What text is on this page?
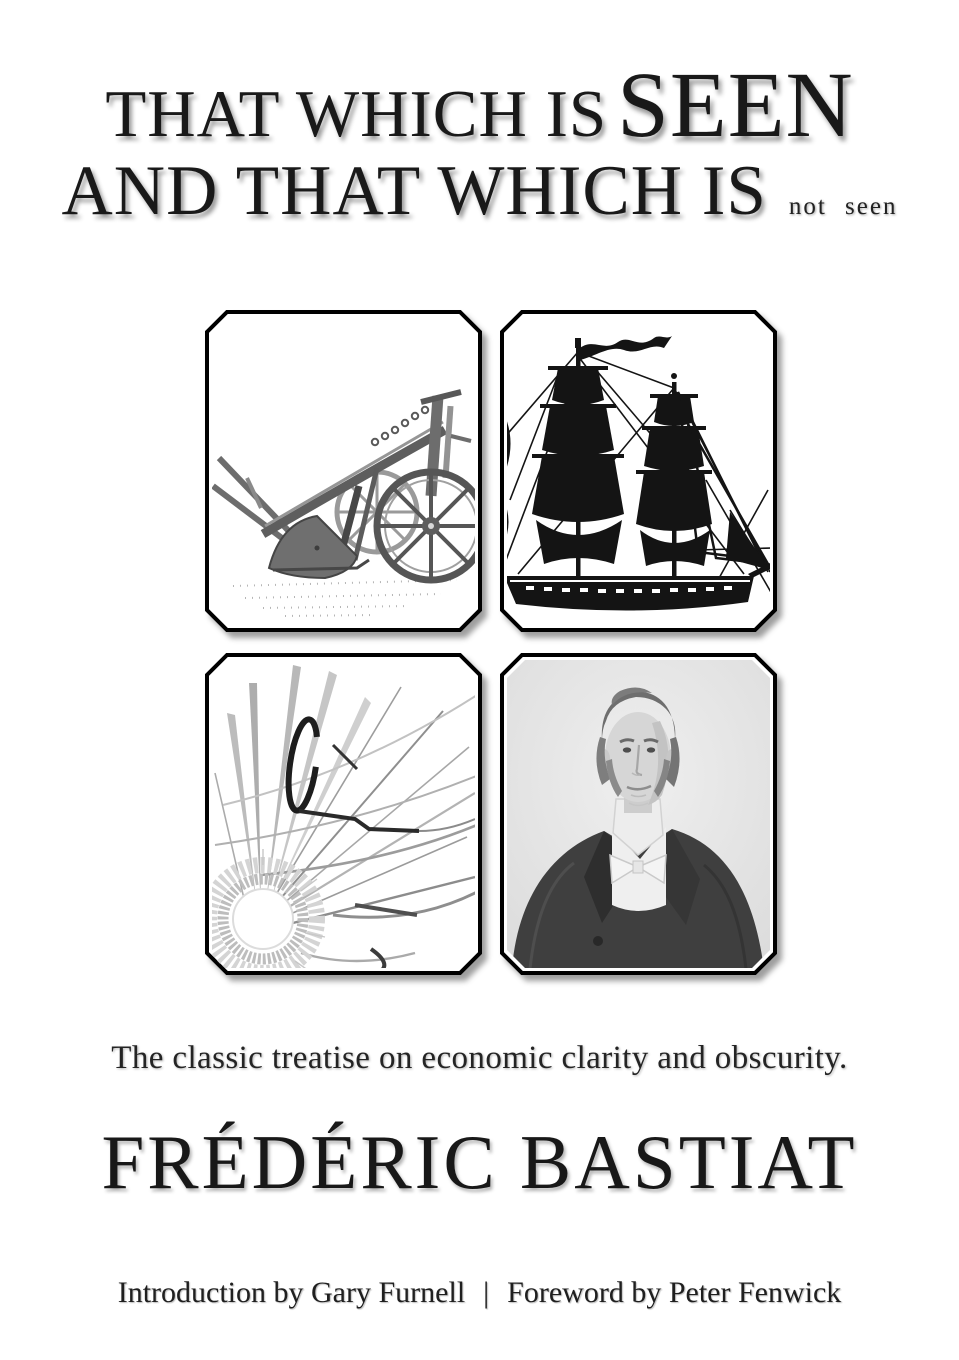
THAT WHICH IS SEEN
AND THAT WHICH IS not seen

The classic treatise on economic clarity and obscurity.

FRÉDÉRIC BASTIAT

Introduction by Gary Furnell | Foreword by Peter Fenwick
